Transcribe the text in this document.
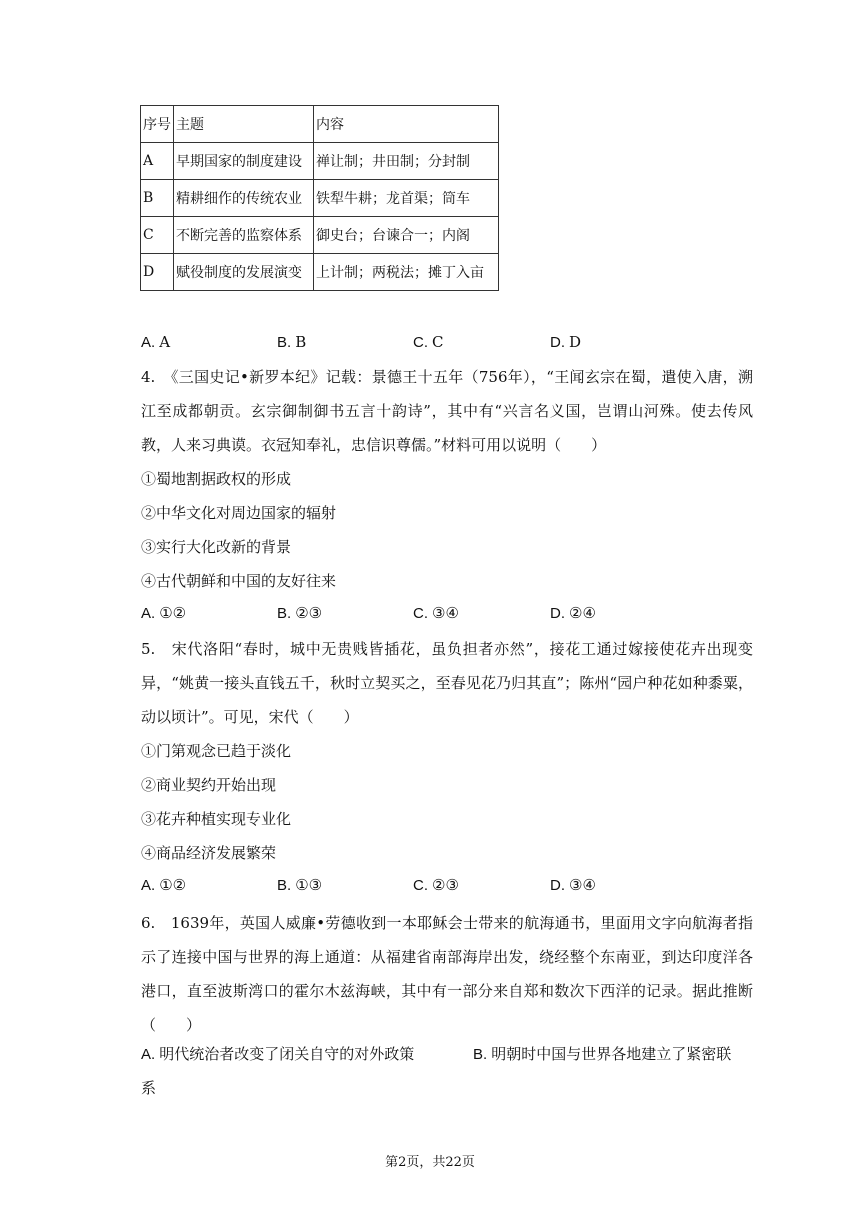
序号	主题	内容
A	早期国家的制度建设	禅让制；井田制；分封制
B	精耕细作的传统农业	铁犁牛耕；龙首渠；筒车
C	不断完善的监察体系	御史台；台谏合一；内阁
D	赋役制度的发展演变	上计制；两税法；摊丁入亩
A. A	B. B	C. C	D. D
4.　《三国史记•新罗本纪》记载：景德王十五年（756年），“王闻玄宗在蜀，遣使入唐，溯江至成都朝贡。玄宗御制御书五言十韵诗”，其中有“兴言名义国，岂谓山河殊。使去传风教，人来习典谟。衣冠知奉礼，忠信识尊儒。”材料可用以说明（　　）
①蜀地割据政权的形成
②中华文化对周边国家的辐射
③实行大化改新的背景
④古代朝鲜和中国的友好往来
A. ①②	B. ②③	C. ③④	D. ②④
5.　宋代洛阳“春时，城中无贵贱皆插花，虽负担者亦然”，接花工通过嫁接使花卉出现变异，“姚黄一接头直钱五千，秋时立契买之，至春见花乃归其直”；陈州“园户种花如种黍粟，动以顷计”。可见，宋代（　　）
①门第观念已趋于淡化
②商业契约开始出现
③花卉种植实现专业化
④商品经济发展繁荣
A. ①②	B. ①③	C. ②③	D. ③④
6.　1639年，英国人威廉•劳德收到一本耶稣会士带来的航海通书，里面用文字向航海者指示了连接中国与世界的海上通道：从福建省南部海岸出发，绕经整个东南亚，到达印度洋各港口，直至波斯湾口的霍尔木兹海峡，其中有一部分来自郑和数次下西洋的记录。据此推断（　　）
A. 明代统治者改变了闭关自守的对外政策	B. 明朝时中国与世界各地建立了紧密联
系
第2页，共22页
